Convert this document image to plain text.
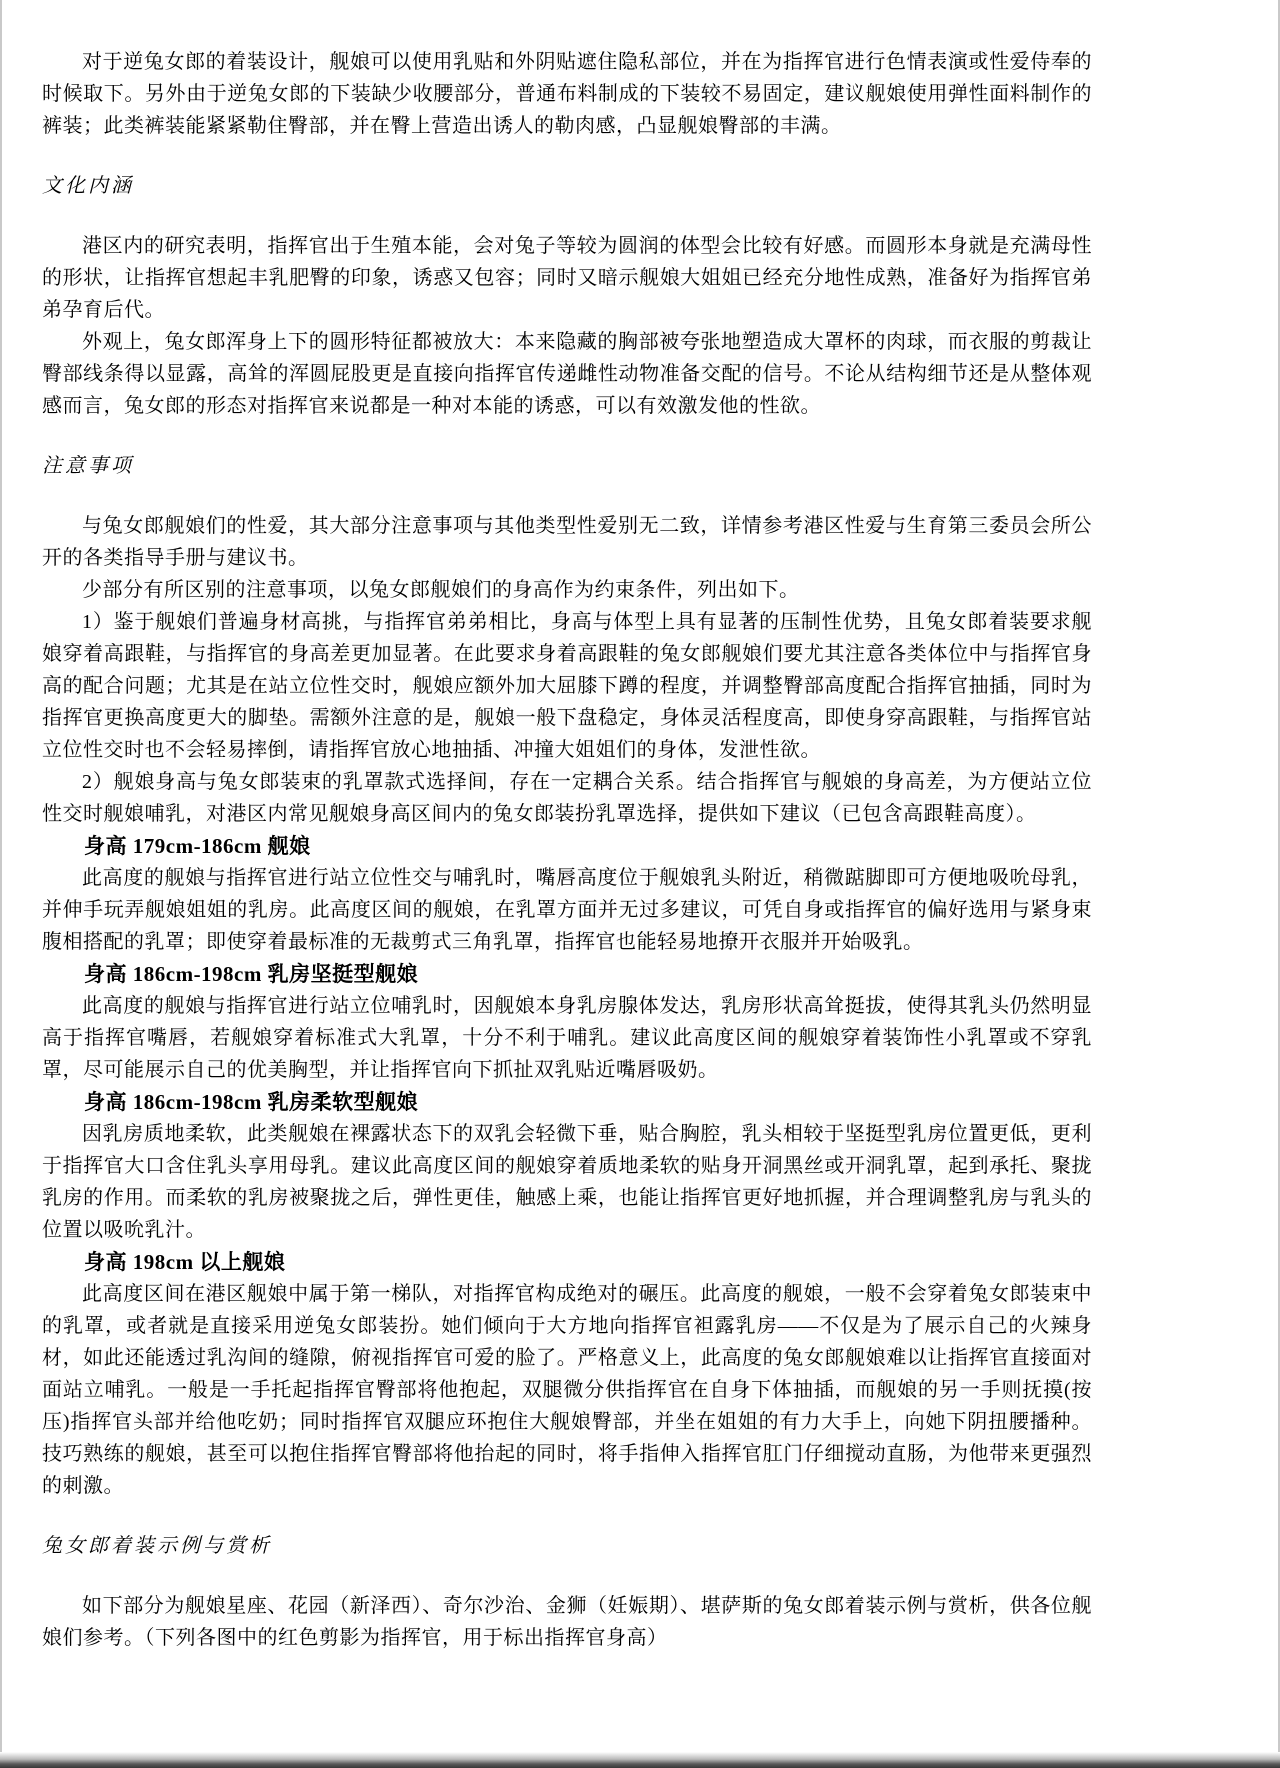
对于逆兔女郎的着装设计，舰娘可以使用乳贴和外阴贴遮住隐私部位，并在为指挥官进行色情表演或性爱侍奉的时候取下。另外由于逆兔女郎的下装缺少收腰部分，普通布料制成的下装较不易固定，建议舰娘使用弹性面料制作的裤装；此类裤装能紧紧勒住臀部，并在臀上营造出诱人的勒肉感，凸显舰娘臀部的丰满。

文化内涵

港区内的研究表明，指挥官出于生殖本能，会对兔子等较为圆润的体型会比较有好感。而圆形本身就是充满母性的形状，让指挥官想起丰乳肥臀的印象，诱惑又包容；同时又暗示舰娘大姐姐已经充分地性成熟，准备好为指挥官弟弟孕育后代。

外观上，兔女郎浑身上下的圆形特征都被放大：本来隐藏的胸部被夸张地塑造成大罩杯的肉球，而衣服的剪裁让臀部线条得以显露，高耸的浑圆屁股更是直接向指挥官传递雌性动物准备交配的信号。不论从结构细节还是从整体观感而言，兔女郎的形态对指挥官来说都是一种对本能的诱惑，可以有效激发他的性欲。

注意事项

与兔女郎舰娘们的性爱，其大部分注意事项与其他类型性爱别无二致，详情参考港区性爱与生育第三委员会所公开的各类指导手册与建议书。

少部分有所区别的注意事项，以兔女郎舰娘们的身高作为约束条件，列出如下。

1）鉴于舰娘们普遍身材高挑，与指挥官弟弟相比，身高与体型上具有显著的压制性优势，且兔女郎着装要求舰娘穿着高跟鞋，与指挥官的身高差更加显著。在此要求身着高跟鞋的兔女郎舰娘们要尤其注意各类体位中与指挥官身高的配合问题；尤其是在站立位性交时，舰娘应额外加大屈膝下蹲的程度，并调整臀部高度配合指挥官抽插，同时为指挥官更换高度更大的脚垫。需额外注意的是，舰娘一般下盘稳定，身体灵活程度高，即使身穿高跟鞋，与指挥官站立位性交时也不会轻易摔倒，请指挥官放心地抽插、冲撞大姐姐们的身体，发泄性欲。

2）舰娘身高与兔女郎装束的乳罩款式选择间，存在一定耦合关系。结合指挥官与舰娘的身高差，为方便站立位性交时舰娘哺乳，对港区内常见舰娘身高区间内的兔女郎装扮乳罩选择，提供如下建议（已包含高跟鞋高度）。

身高 179cm-186cm 舰娘

此高度的舰娘与指挥官进行站立位性交与哺乳时，嘴唇高度位于舰娘乳头附近，稍微踮脚即可方便地吸吮母乳，并伸手玩弄舰娘姐姐的乳房。此高度区间的舰娘，在乳罩方面并无过多建议，可凭自身或指挥官的偏好选用与紧身束腹相搭配的乳罩；即使穿着最标准的无裁剪式三角乳罩，指挥官也能轻易地撩开衣服并开始吸乳。

身高 186cm-198cm 乳房坚挺型舰娘

此高度的舰娘与指挥官进行站立位哺乳时，因舰娘本身乳房腺体发达，乳房形状高耸挺拔，使得其乳头仍然明显高于指挥官嘴唇，若舰娘穿着标准式大乳罩，十分不利于哺乳。建议此高度区间的舰娘穿着装饰性小乳罩或不穿乳罩，尽可能展示自己的优美胸型，并让指挥官向下抓扯双乳贴近嘴唇吸奶。

身高 186cm-198cm 乳房柔软型舰娘

因乳房质地柔软，此类舰娘在裸露状态下的双乳会轻微下垂，贴合胸腔，乳头相较于坚挺型乳房位置更低，更利于指挥官大口含住乳头享用母乳。建议此高度区间的舰娘穿着质地柔软的贴身开洞黑丝或开洞乳罩，起到承托、聚拢乳房的作用。而柔软的乳房被聚拢之后，弹性更佳，触感上乘，也能让指挥官更好地抓握，并合理调整乳房与乳头的位置以吸吮乳汁。

身高 198cm 以上舰娘

此高度区间在港区舰娘中属于第一梯队，对指挥官构成绝对的碾压。此高度的舰娘，一般不会穿着兔女郎装束中的乳罩，或者就是直接采用逆兔女郎装扮。她们倾向于大方地向指挥官袒露乳房——不仅是为了展示自己的火辣身材，如此还能透过乳沟间的缝隙，俯视指挥官可爱的脸了。严格意义上，此高度的兔女郎舰娘难以让指挥官直接面对面站立哺乳。一般是一手托起指挥官臀部将他抱起，双腿微分供指挥官在自身下体抽插，而舰娘的另一手则抚摸(按压)指挥官头部并给他吃奶；同时指挥官双腿应环抱住大舰娘臀部，并坐在姐姐的有力大手上，向她下阴扭腰播种。技巧熟练的舰娘，甚至可以抱住指挥官臀部将他抬起的同时，将手指伸入指挥官肛门仔细搅动直肠，为他带来更强烈的刺激。

兔女郎着装示例与赏析

如下部分为舰娘星座、花园（新泽西）、奇尔沙治、金狮（妊娠期）、堪萨斯的兔女郎着装示例与赏析，供各位舰娘们参考。（下列各图中的红色剪影为指挥官，用于标出指挥官身高）
